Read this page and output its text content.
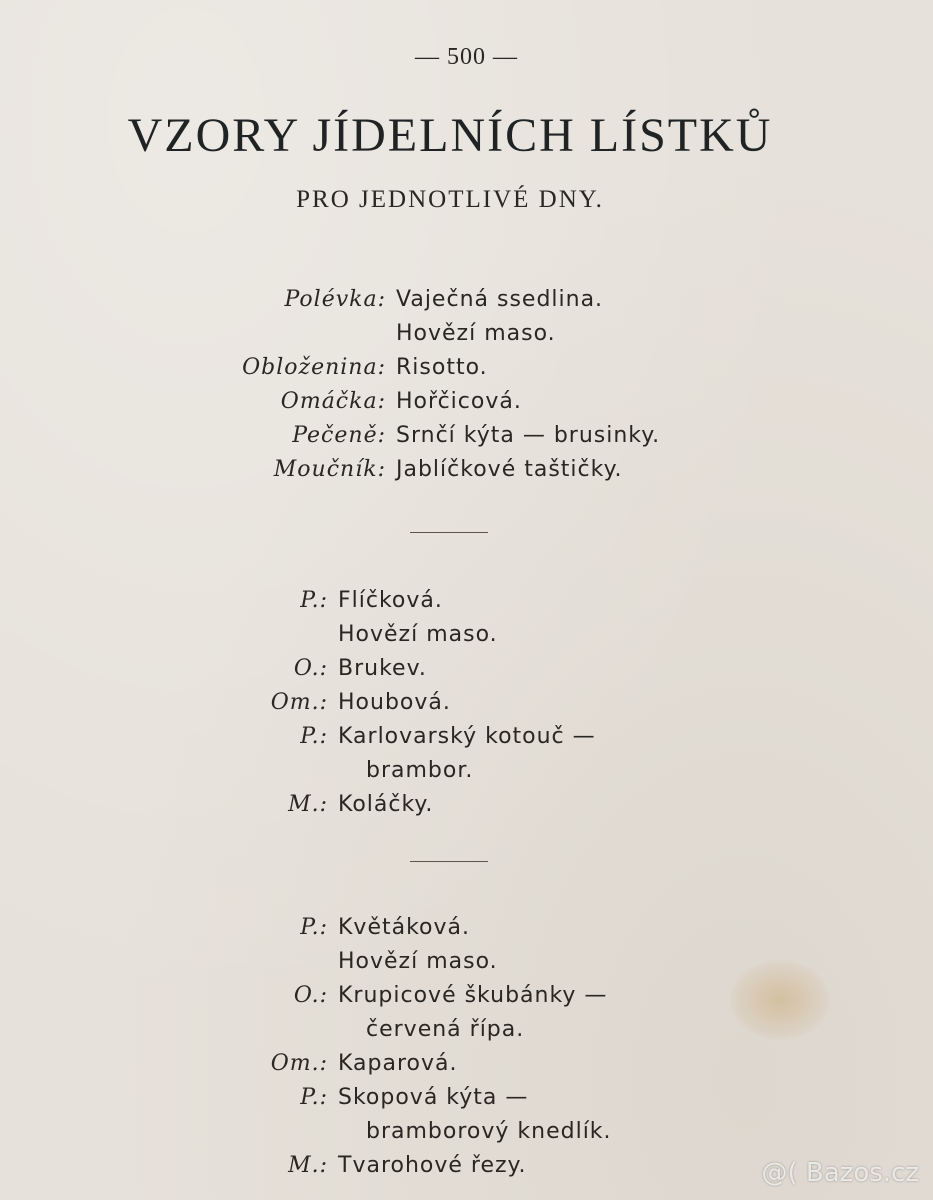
— 500 —
VZORY JÍDELNÍCH LÍSTKŮ
PRO JEDNOTLIVÉ DNY.
Polévka: Vaječná ssedlina.
Hovězí maso.
Obloženina: Risotto.
Omáčka: Hořčicová.
Pečeně: Srnčí kýta — brusinky.
Moučník: Jablíčkové taštičky.
P.: Flíčková.
Hovězí maso.
O.: Brukev.
Om.: Houbová.
P.: Karlovarský kotouč —
brambor.
M.: Koláčky.
P.: Květáková.
Hovězí maso.
O.: Krupicové škubánky —
červená řípa.
Om.: Kaparová.
P.: Skopová kýta —
bramborový knedlík.
M.: Tvarohové řezy.	@( Bazos.cz
